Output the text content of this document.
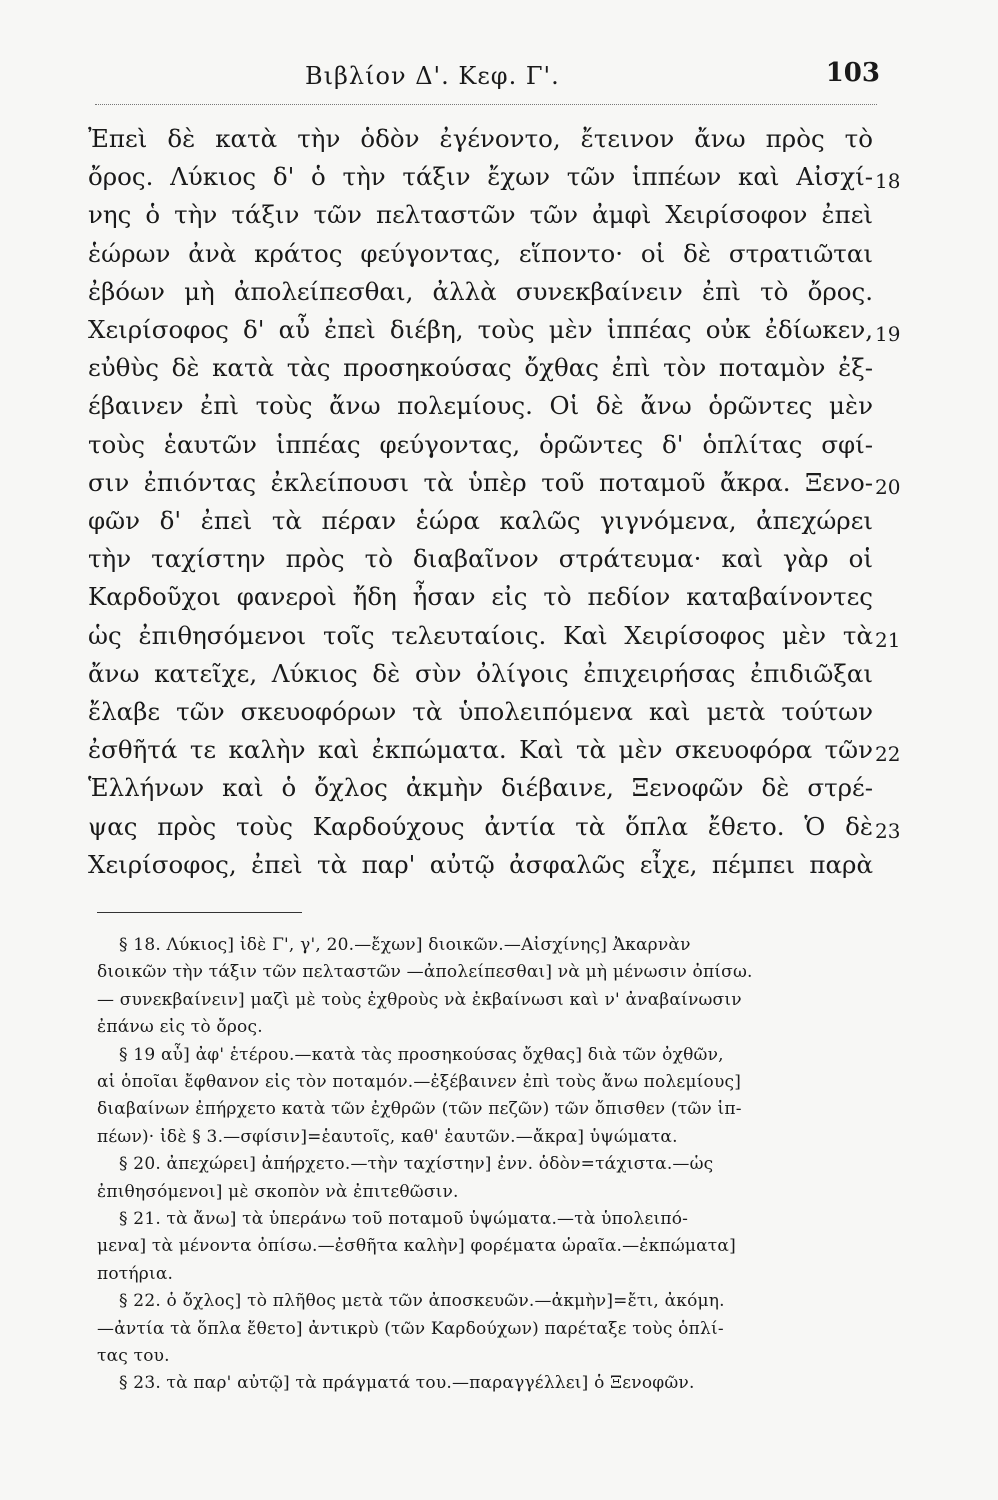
Βιβλίον Δ'. Κεφ. Γ'.	103
Ἐπεὶ δὲ κατὰ τὴν ὁδὸν ἐγένοντο, ἔτεινον ἄνω πρὸς τὸ
ὄρος. Λύκιος δ' ὁ τὴν τάξιν ἔχων τῶν ἱππέων καὶ Αἰσχί- 18
νης ὁ τὴν τάξιν τῶν πελταστῶν τῶν ἀμφὶ Χειρίσοφον ἐπεὶ
ἑώρων ἀνὰ κράτος φεύγοντας, εἵποντο· οἱ δὲ στρατιῶται
ἐβόων μὴ ἀπολείπεσθαι, ἀλλὰ συνεκβαίνειν ἐπὶ τὸ ὄρος.
Χειρίσοφος δ' αὖ ἐπεὶ διέβη, τοὺς μὲν ἱππέας οὐκ ἐδίωκεν, 19
εὐθὺς δὲ κατὰ τὰς προσηκούσας ὄχθας ἐπὶ τὸν ποταμὸν ἐξ-
έβαινεν ἐπὶ τοὺς ἄνω πολεμίους. Οἱ δὲ ἄνω ὁρῶντες μὲν
τοὺς ἑαυτῶν ἱππέας φεύγοντας, ὁρῶντες δ' ὁπλίτας σφί-
σιν ἐπιόντας ἐκλείπουσι τὰ ὑπὲρ τοῦ ποταμοῦ ἄκρα. Ξενο- 20
φῶν δ' ἐπεὶ τὰ πέραν ἑώρα καλῶς γιγνόμενα, ἀπεχώρει
τὴν ταχίστην πρὸς τὸ διαβαῖνον στράτευμα· καὶ γὰρ οἱ
Καρδοῦχοι φανεροὶ ἤδη ἦσαν εἰς τὸ πεδίον καταβαίνοντες
ὡς ἐπιθησόμενοι τοῖς τελευταίοις. Καὶ Χειρίσοφος μὲν τὰ 21
ἄνω κατεῖχε, Λύκιος δὲ σὺν ὀλίγοις ἐπιχειρήσας ἐπιδιῶξαι
ἔλαβε τῶν σκευοφόρων τὰ ὑπολειπόμενα καὶ μετὰ τούτων
ἐσθῆτά τε καλὴν καὶ ἐκπώματα. Καὶ τὰ μὲν σκευοφόρα τῶν 22
Ἑλλήνων καὶ ὁ ὄχλος ἀκμὴν διέβαινε, Ξενοφῶν δὲ στρέ-
ψας πρὸς τοὺς Καρδούχους ἀντία τὰ ὅπλα ἔθετο. Ὁ δὲ 23
Χειρίσοφος, ἐπεὶ τὰ παρ' αὐτῷ ἀσφαλῶς εἶχε, πέμπει παρὰ
§ 18. Λύκιος] ἰδὲ Γ', γ', 20.—ἔχων] διοικῶν.—Αἰσχίνης] Ἀκαρνὰν
διοικῶν τὴν τάξιν τῶν πελταστῶν —ἀπολείπεσθαι] νὰ μὴ μένωσιν ὀπίσω.
— συνεκβαίνειν] μαζὶ μὲ τοὺς ἐχθροὺς νὰ ἐκβαίνωσι καὶ ν' ἀναβαίνωσιν
ἐπάνω εἰς τὸ ὄρος.
§ 19 αὖ] ἀφ' ἑτέρου.—κατὰ τὰς προσηκούσας ὄχθας] διὰ τῶν ὀχθῶν,
αἱ ὁποῖαι ἔφθανον εἰς τὸν ποταμόν.—ἐξέβαινεν ἐπὶ τοὺς ἄνω πολεμίους]
διαβαίνων ἐπήρχετο κατὰ τῶν ἐχθρῶν (τῶν πεζῶν) τῶν ὄπισθεν (τῶν ἱπ-
πέων)· ἰδὲ § 3.—σφίσιν]=ἑαυτοῖς, καθ' ἑαυτῶν.—ἄκρα] ὑψώματα.
§ 20. ἀπεχώρει] ἀπήρχετο.—τὴν ταχίστην] ἐνν. ὁδὸν=τάχιστα.—ὡς
ἐπιθησόμενοι] μὲ σκοπὸν νὰ ἐπιτεθῶσιν.
§ 21. τὰ ἄνω] τὰ ὑπεράνω τοῦ ποταμοῦ ὑψώματα.—τὰ ὑπολειπό-
μενα] τὰ μένοντα ὀπίσω.—ἐσθῆτα καλὴν] φορέματα ὡραῖα.—ἐκπώματα]
ποτήρια.
§ 22. ὁ ὄχλος] τὸ πλῆθος μετὰ τῶν ἀποσκευῶν.—ἀκμὴν]=ἔτι, ἀκόμη.
—ἀντία τὰ ὅπλα ἔθετο] ἀντικρὺ (τῶν Καρδούχων) παρέταξε τοὺς ὁπλί-
τας του.
§ 23. τὰ παρ' αὐτῷ] τὰ πράγματά του.—παραγγέλλει] ὁ Ξενοφῶν.
